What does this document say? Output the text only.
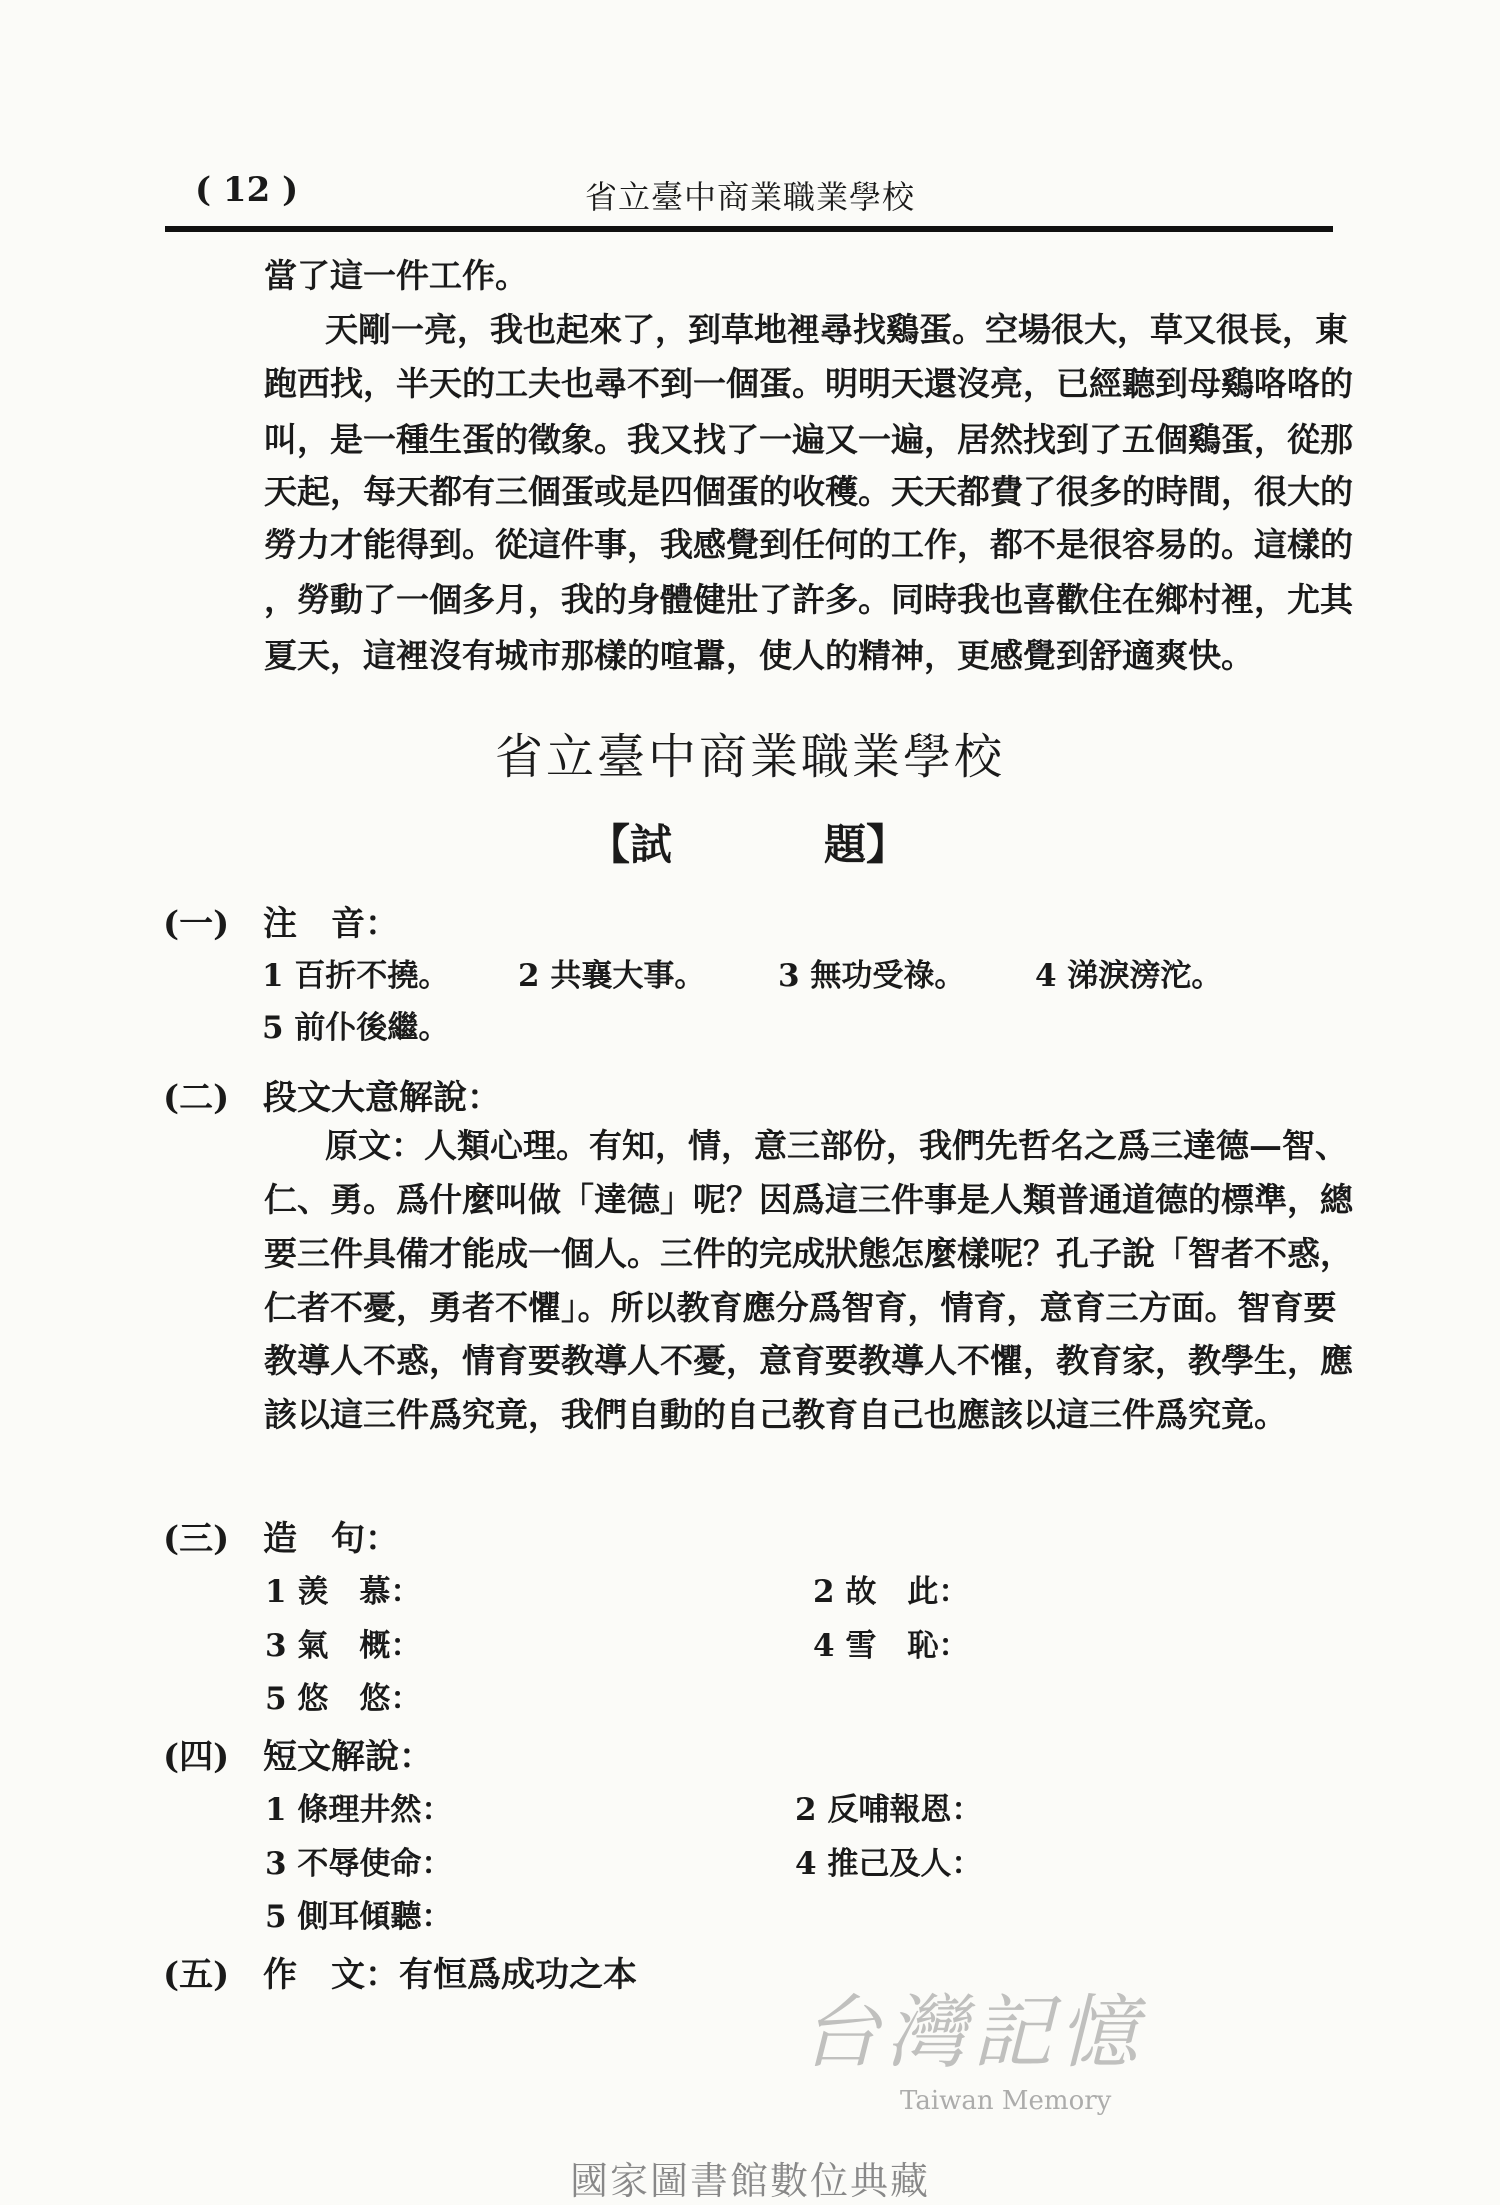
( 12 )	省立臺中商業職業學校
當了這一件工作。
天剛一亮，我也起來了，到草地裡尋找鷄蛋。空場很大，草又很長，東
跑西找，半天的工夫也尋不到一個蛋。明明天還沒亮，已經聽到母鷄咯咯的
叫，是一種生蛋的徵象。我又找了一遍又一遍，居然找到了五個鷄蛋，從那
天起，每天都有三個蛋或是四個蛋的收穫。天天都費了很多的時間，很大的
勞力才能得到。從這件事，我感覺到任何的工作，都不是很容易的。這樣的
，勞動了一個多月，我的身體健壯了許多。同時我也喜歡住在鄉村裡，尤其
夏天，這裡沒有城市那樣的喧囂，使人的精神，更感覺到舒適爽快。
省立臺中商業職業學校
【試	題】
(一) 注　音：
1 百折不撓。 2 共襄大事。 3 無功受祿。 4 涕淚滂沱。
5 前仆後繼。
(二) 段文大意解說：
原文：人類心理。有知，情，意三部份，我們先哲名之爲三達德—智、
仁、勇。爲什麼叫做「達德」呢？因爲這三件事是人類普通道德的標準，總
要三件具備才能成一個人。三件的完成狀態怎麼樣呢？孔子說「智者不惑，
仁者不憂，勇者不懼」。所以教育應分爲智育，情育，意育三方面。智育要
教導人不惑，情育要教導人不憂，意育要教導人不懼，教育家，教學生，應
該以這三件爲究竟，我們自動的自己教育自己也應該以這三件爲究竟。
(三) 造　句：
1 羡　慕：	2 故　此：
3 氣　概：	4 雪　恥：
5 悠　悠：
(四) 短文解說：
1 條理井然：	2 反哺報恩：
3 不辱使命：	4 推己及人：
5 側耳傾聽：
(五) 作　文：有恒爲成功之本
台灣記憶
Taiwan Memory
國家圖書館數位典藏
